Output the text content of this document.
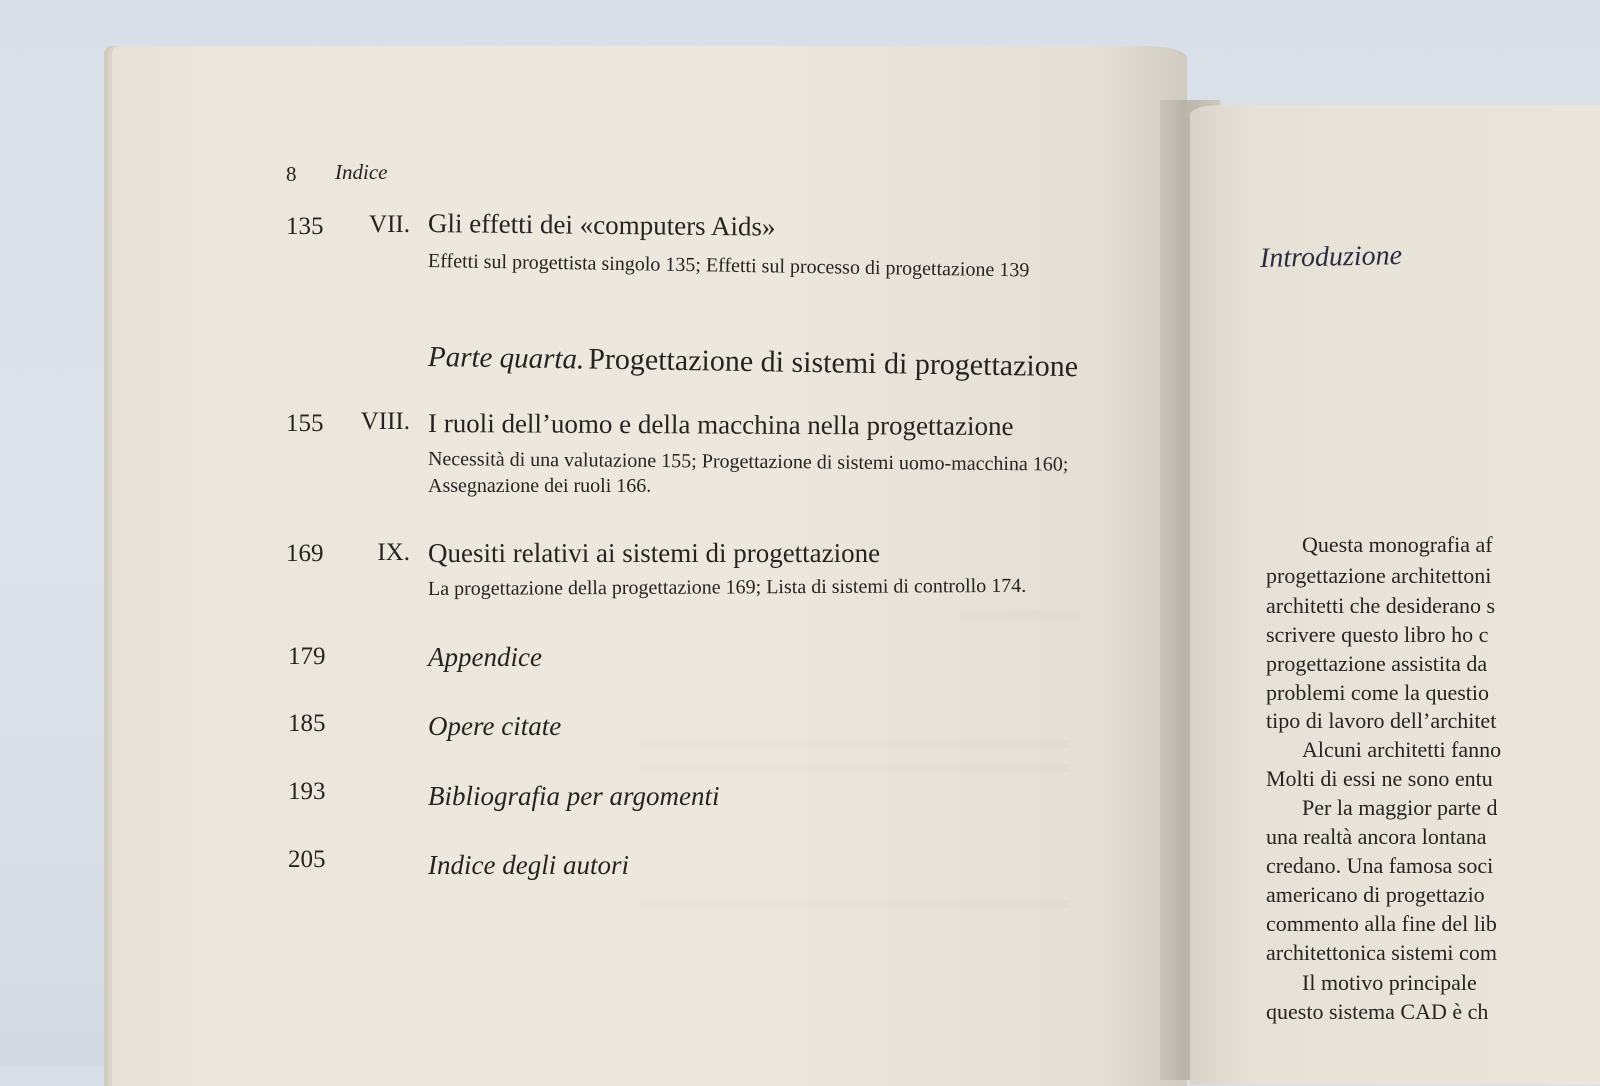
8 Indice
135	VII. Gli effetti dei «computers Aids»
Effetti sul progettista singolo 135; Effetti sul processo di progettazione 139
Parte quarta. Progettazione di sistemi di progettazione
155	VIII. I ruoli dell’uomo e della macchina nella progettazione
Necessità di una valutazione 155; Progettazione di sistemi uomo-macchina 160;
Assegnazione dei ruoli 166.
169	IX. Quesiti relativi ai sistemi di progettazione
La progettazione della progettazione 169; Lista di sistemi di controllo 174.
179	Appendice
185	Opere citate
193	Bibliografia per argomenti
205	Indice degli autori
Introduzione
Questa monografia af
progettazione architettoni
architetti che desiderano s
scrivere questo libro ho c
progettazione assistita da
problemi come la questio
tipo di lavoro dell’architet
Alcuni architetti fanno
Molti di essi ne sono entu
Per la maggior parte d
una realtà ancora lontana
credano. Una famosa soci
americano di progettazio
commento alla fine del lib
architettonica sistemi com
Il motivo principale
questo sistema CAD è ch
